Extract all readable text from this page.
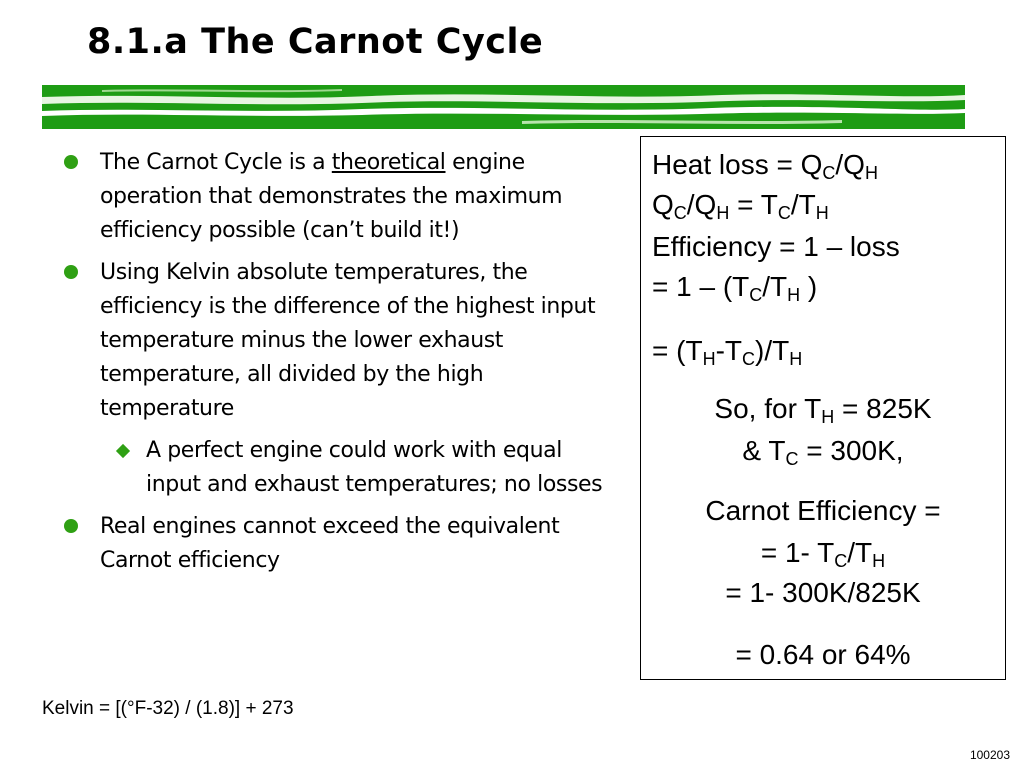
8.1.a The Carnot Cycle
The Carnot Cycle is a theoretical engine operation that demonstrates the maximum efficiency possible (can’t build it!)
Using Kelvin absolute temperatures, the efficiency is the difference of the highest input temperature minus the lower exhaust temperature, all divided by the high temperature
A perfect engine could work with equal input and exhaust temperatures; no losses
Real engines cannot exceed the equivalent Carnot efficiency
Heat loss = $Q_C/Q_H$
$Q_C/Q_H = T_C/T_H$
Efficiency = 1 – loss
= $1 - (T_C/T_H$ )
= $(T_H-T_C)/T_H$
So, for $T_H = 825K$
& $T_C = 300K$,
Carnot Efficiency =
= 1- $T_C/T_H$
= 1- 300K/825K
= 0.64 or 64%
Kelvin = [(°F-32) / (1.8)] + 273
100203
